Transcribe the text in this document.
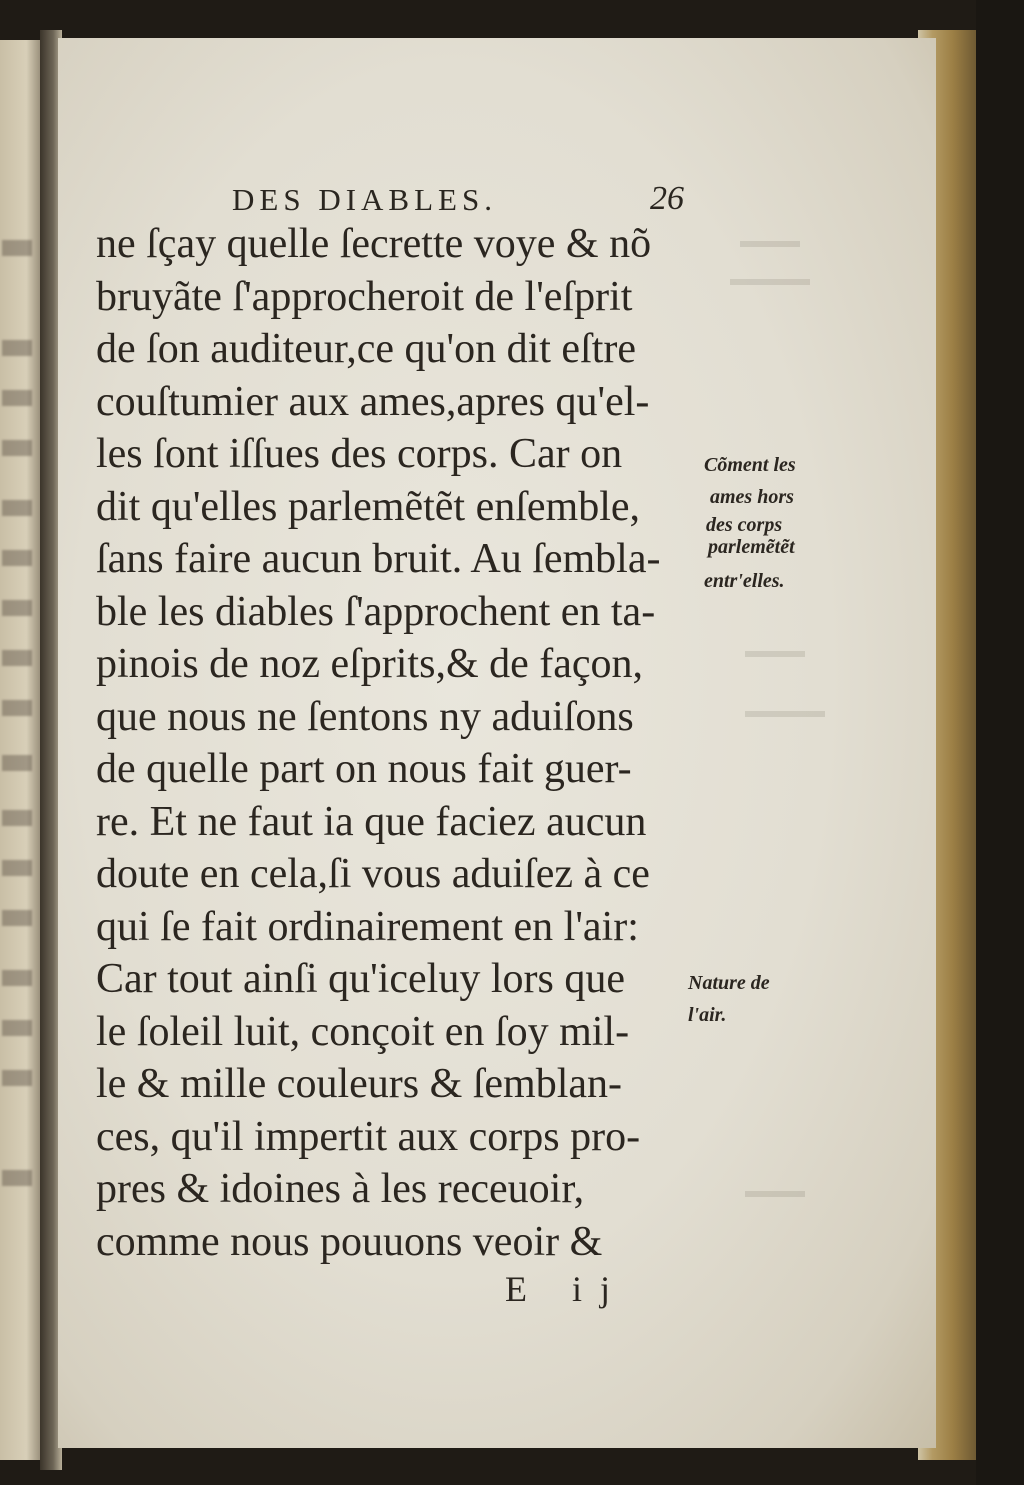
▬▬▬
▬▬▬▬
▬▬▬
▬▬▬▬
▬▬▬
DES DIABLES.	26
ne ſçay quelle ſecrette voye & nõ
bruyãte ſ'approcheroit de l'eſprit
de ſon auditeur,ce qu'on dit eſtre
couſtumier aux ames,apres qu'el-
les ſont iſſues des corps. Car on
dit qu'elles parlemẽtẽt enſemble,
ſans faire aucun bruit. Au ſembla-
ble les diables ſ'approchent en ta-
pinois de noz eſprits,& de façon,
que nous ne ſentons ny aduiſons
de quelle part on nous fait guer-
re. Et ne faut ia que faciez aucun
doute en cela,ſi vous aduiſez à ce
qui ſe fait ordinairement en l'air:
Car tout ainſi qu'iceluy lors que
le ſoleil luit, conçoit en ſoy mil-
le & mille couleurs & ſemblan-
ces, qu'il impertit aux corps pro-
pres & idoines à les receuoir,
comme nous pouuons veoir &
Cõment les
ames hors
des corps
parlemẽtẽt
entr'elles.
Nature de
l'air.
E ij
